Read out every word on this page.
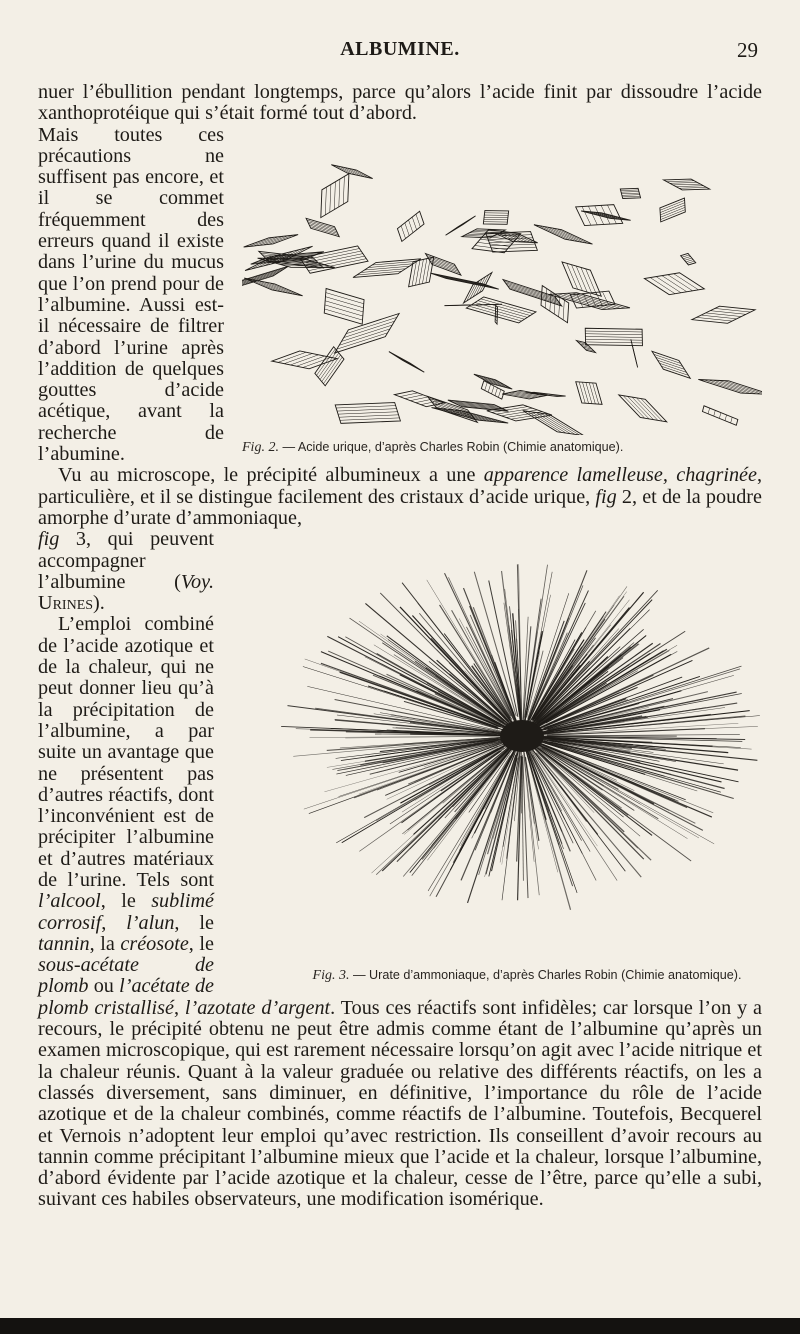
ALBUMINE.	29

nuer l’ébullition pendant longtemps, parce qu’alors l’acide finit par dissoudre l’acide xanthoprotéique qui s’était formé tout d’abord.

Fig. 2. — Acide urique, d’après Charles Robin (Chimie anatomique).
Mais toutes ces précautions ne suffisent pas encore, et il se commet fréquemment des erreurs quand il existe dans l’urine du mucus que l’on prend pour de l’albumine. Aussi est-il nécessaire de filtrer d’abord l’urine après l’addition de quelques gouttes d’acide acétique, avant la recherche de l’abumine.

Vu au microscope, le précipité albumineux a une apparence lamelleuse, chagrinée, particulière, et il se distingue facilement des cristaux d’acide urique, fig 2, et de la poudre amorphe d’urate d’ammoniaque,

Fig. 3. — Urate d’ammoniaque, d’après Charles Robin (Chimie anatomique).
fig 3, qui peuvent accompagner l’albumine (Voy. Urines).

L’emploi combiné de l’acide azotique et de la chaleur, qui ne peut donner lieu qu’à la précipitation de l’albumine, a par suite un avantage que ne présentent pas d’autres réactifs, dont l’inconvénient est de précipiter l’albumine et d’autres matériaux de l’urine. Tels sont l’alcool, le sublimé corrosif, l’alun, le tannin, la créosote, le sous-acétate de plomb ou l’acétate de plomb cristallisé, l’azotate d’argent. Tous ces réactifs sont infidèles; car lorsque l’on y a recours, le précipité obtenu ne peut être admis comme étant de l’albumine qu’après un examen microscopique, qui est rarement nécessaire lorsqu’on agit avec l’acide nitrique et la chaleur réunis. Quant à la valeur graduée ou relative des différents réactifs, on les a classés diversement, sans diminuer, en définitive, l’importance du rôle de l’acide azotique et de la chaleur combinés, comme réactifs de l’albumine. Toutefois, Becquerel et Vernois n’adoptent leur emploi qu’avec restriction. Ils conseillent d’avoir recours au tannin comme précipitant l’albumine mieux que l’acide et la chaleur, lorsque l’albumine, d’abord évidente par l’acide azotique et la chaleur, cesse de l’être, parce qu’elle a subi, suivant ces habiles observateurs, une modification isomérique.
